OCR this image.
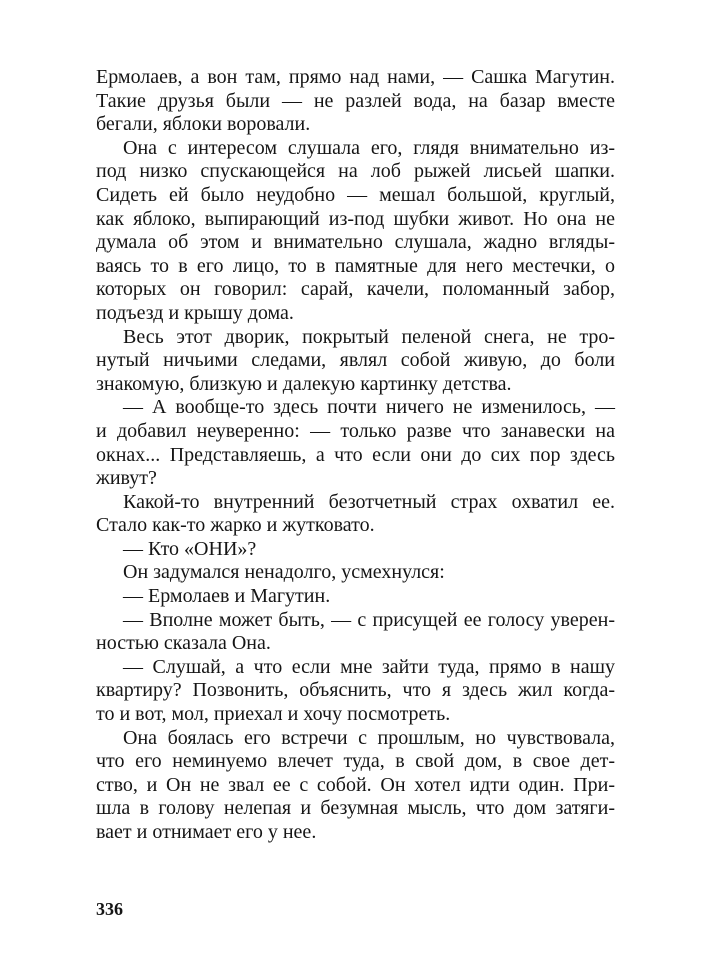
Ермолаев, а вон там, прямо над нами, — Сашка Магутин.
Такие друзья были — не разлей вода, на базар вместе
бегали, яблоки воровали.
Она с интересом слушала его, глядя внимательно из-
под низко спускающейся на лоб рыжей лисьей шапки.
Сидеть ей было неудобно — мешал большой, круглый,
как яблоко, выпирающий из-под шубки живот. Но она не
думала об этом и внимательно слушала, жадно вгляды-
ваясь то в его лицо, то в памятные для него местечки, о
которых он говорил: сарай, качели, поломанный забор,
подъезд и крышу дома.
Весь этот дворик, покрытый пеленой снега, не тро-
нутый ничьими следами, являл собой живую, до боли
знакомую, близкую и далекую картинку детства.
— А вообще-то здесь почти ничего не изменилось, —
и добавил неуверенно: — только разве что занавески на
окнах... Представляешь, а что если они до сих пор здесь
живут?
Какой-то внутренний безотчетный страх охватил ее.
Стало как-то жарко и жутковато.
— Кто «ОНИ»?
Он задумался ненадолго, усмехнулся:
— Ермолаев и Магутин.
— Вполне может быть, — с присущей ее голосу уверен-
ностью сказала Она.
— Слушай, а что если мне зайти туда, прямо в нашу
квартиру? Позвонить, объяснить, что я здесь жил когда-
то и вот, мол, приехал и хочу посмотреть.
Она боялась его встречи с прошлым, но чувствовала,
что его неминуемо влечет туда, в свой дом, в свое дет-
ство, и Он не звал ее с собой. Он хотел идти один. При-
шла в голову нелепая и безумная мысль, что дом затяги-
вает и отнимает его у нее.
336
